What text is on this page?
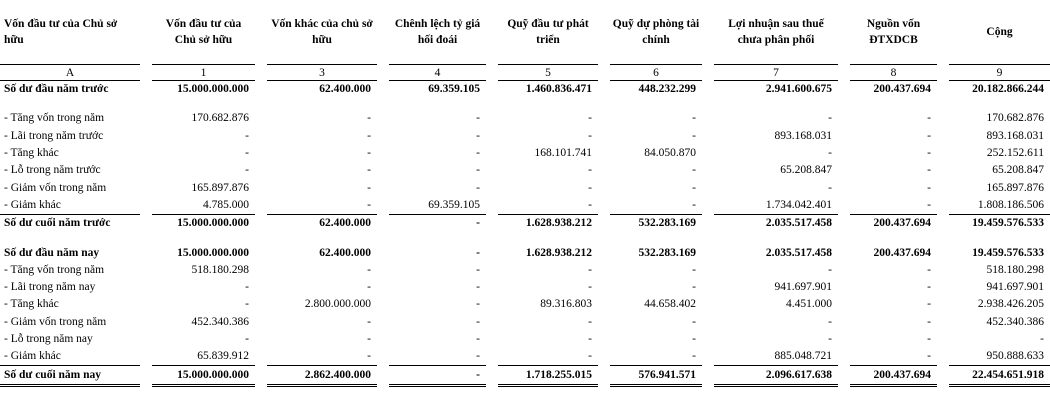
Vốn đầu tư của Chủ sở hữu		Vốn đầu tư của Chủ sở hữu		Vốn khác của chủ sở hữu		Chênh lệch tỷ giá hối đoái		Quỹ đầu tư phát triển		Quỹ dự phòng tài chính		Lợi nhuận sau thuế chưa phân phối		Nguồn vốn ĐTXDCB		Cộng
A		1		3		4		5		6		7		8		9
Số dư đầu năm trước		15.000.000.000		62.400.000		69.359.105		1.460.836.471		448.232.299		2.941.600.675		200.437.694		20.182.866.244

- Tăng vốn trong năm		170.682.876		-		-		-		-		-		-		170.682.876
- Lãi trong năm trước		-		-		-		-		-		893.168.031		-		893.168.031
- Tăng khác		-		-		-		168.101.741		84.050.870		-		-		252.152.611
- Lỗ trong năm trước		-		-		-		-		-		65.208.847		-		65.208.847
- Giảm vốn trong năm		165.897.876		-		-		-		-		-		-		165.897.876
- Giảm khác		4.785.000		-		69.359.105		-		-		1.734.042.401		-		1.808.186.506
Số dư cuối năm trước		15.000.000.000		62.400.000		-		1.628.938.212		532.283.169		2.035.517.458		200.437.694		19.459.576.533

Số dư đầu năm nay		15.000.000.000		62.400.000		-		1.628.938.212		532.283.169		2.035.517.458		200.437.694		19.459.576.533
- Tăng vốn trong năm		518.180.298		-		-		-		-		-		-		518.180.298
- Lãi trong năm nay		-		-		-		-		-		941.697.901		-		941.697.901
- Tăng khác		-		2.800.000.000		-		89.316.803		44.658.402		4.451.000		-		2.938.426.205
- Giảm vốn trong năm		452.340.386		-		-		-		-		-		-		452.340.386
- Lỗ trong năm nay		-		-		-		-		-		-		-		-
- Giảm khác		65.839.912		-		-		-		-		885.048.721		-		950.888.633
Số dư cuối năm nay		15.000.000.000		2.862.400.000		-		1.718.255.015		576.941.571		2.096.617.638		200.437.694		22.454.651.918
